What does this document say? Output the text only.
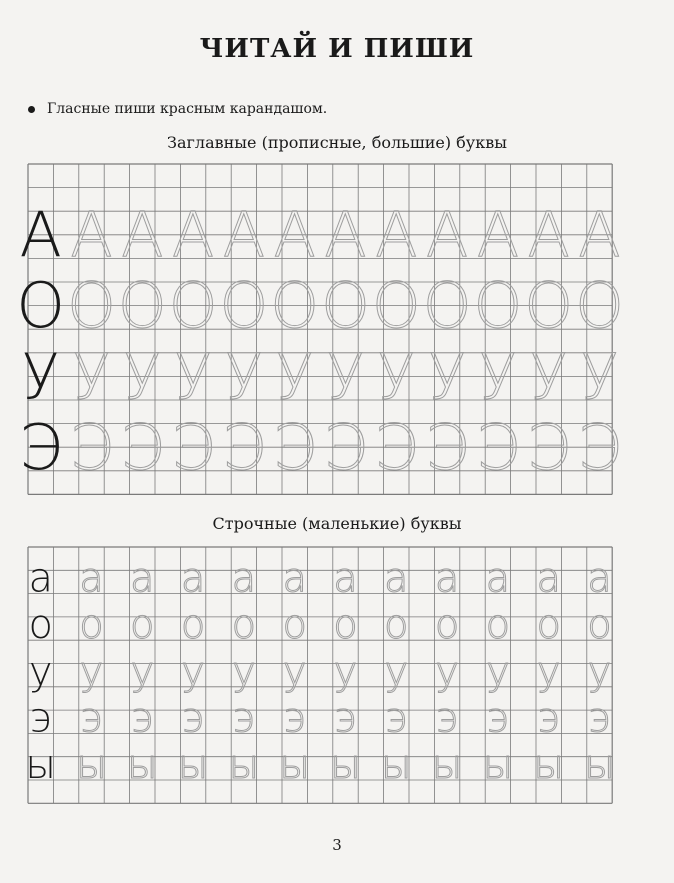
ЧИТАЙ И ПИШИ
Гласные пиши красным карандашом.
Заглавные (прописные, большие) буквы
Строчные (маленькие) буквы
А А А А А А А А А А А А
О О О О О О О О О О О О
У У У У У У У У У У У У
Э Э Э Э Э Э Э Э Э Э Э Э
а а а а а а а а а а а а
о о о о о о о о о о о о
у у у у у у у у у у у у
э э э э э э э э э э э э
ы ы ы ы ы ы ы ы ы ы ы ы
3
